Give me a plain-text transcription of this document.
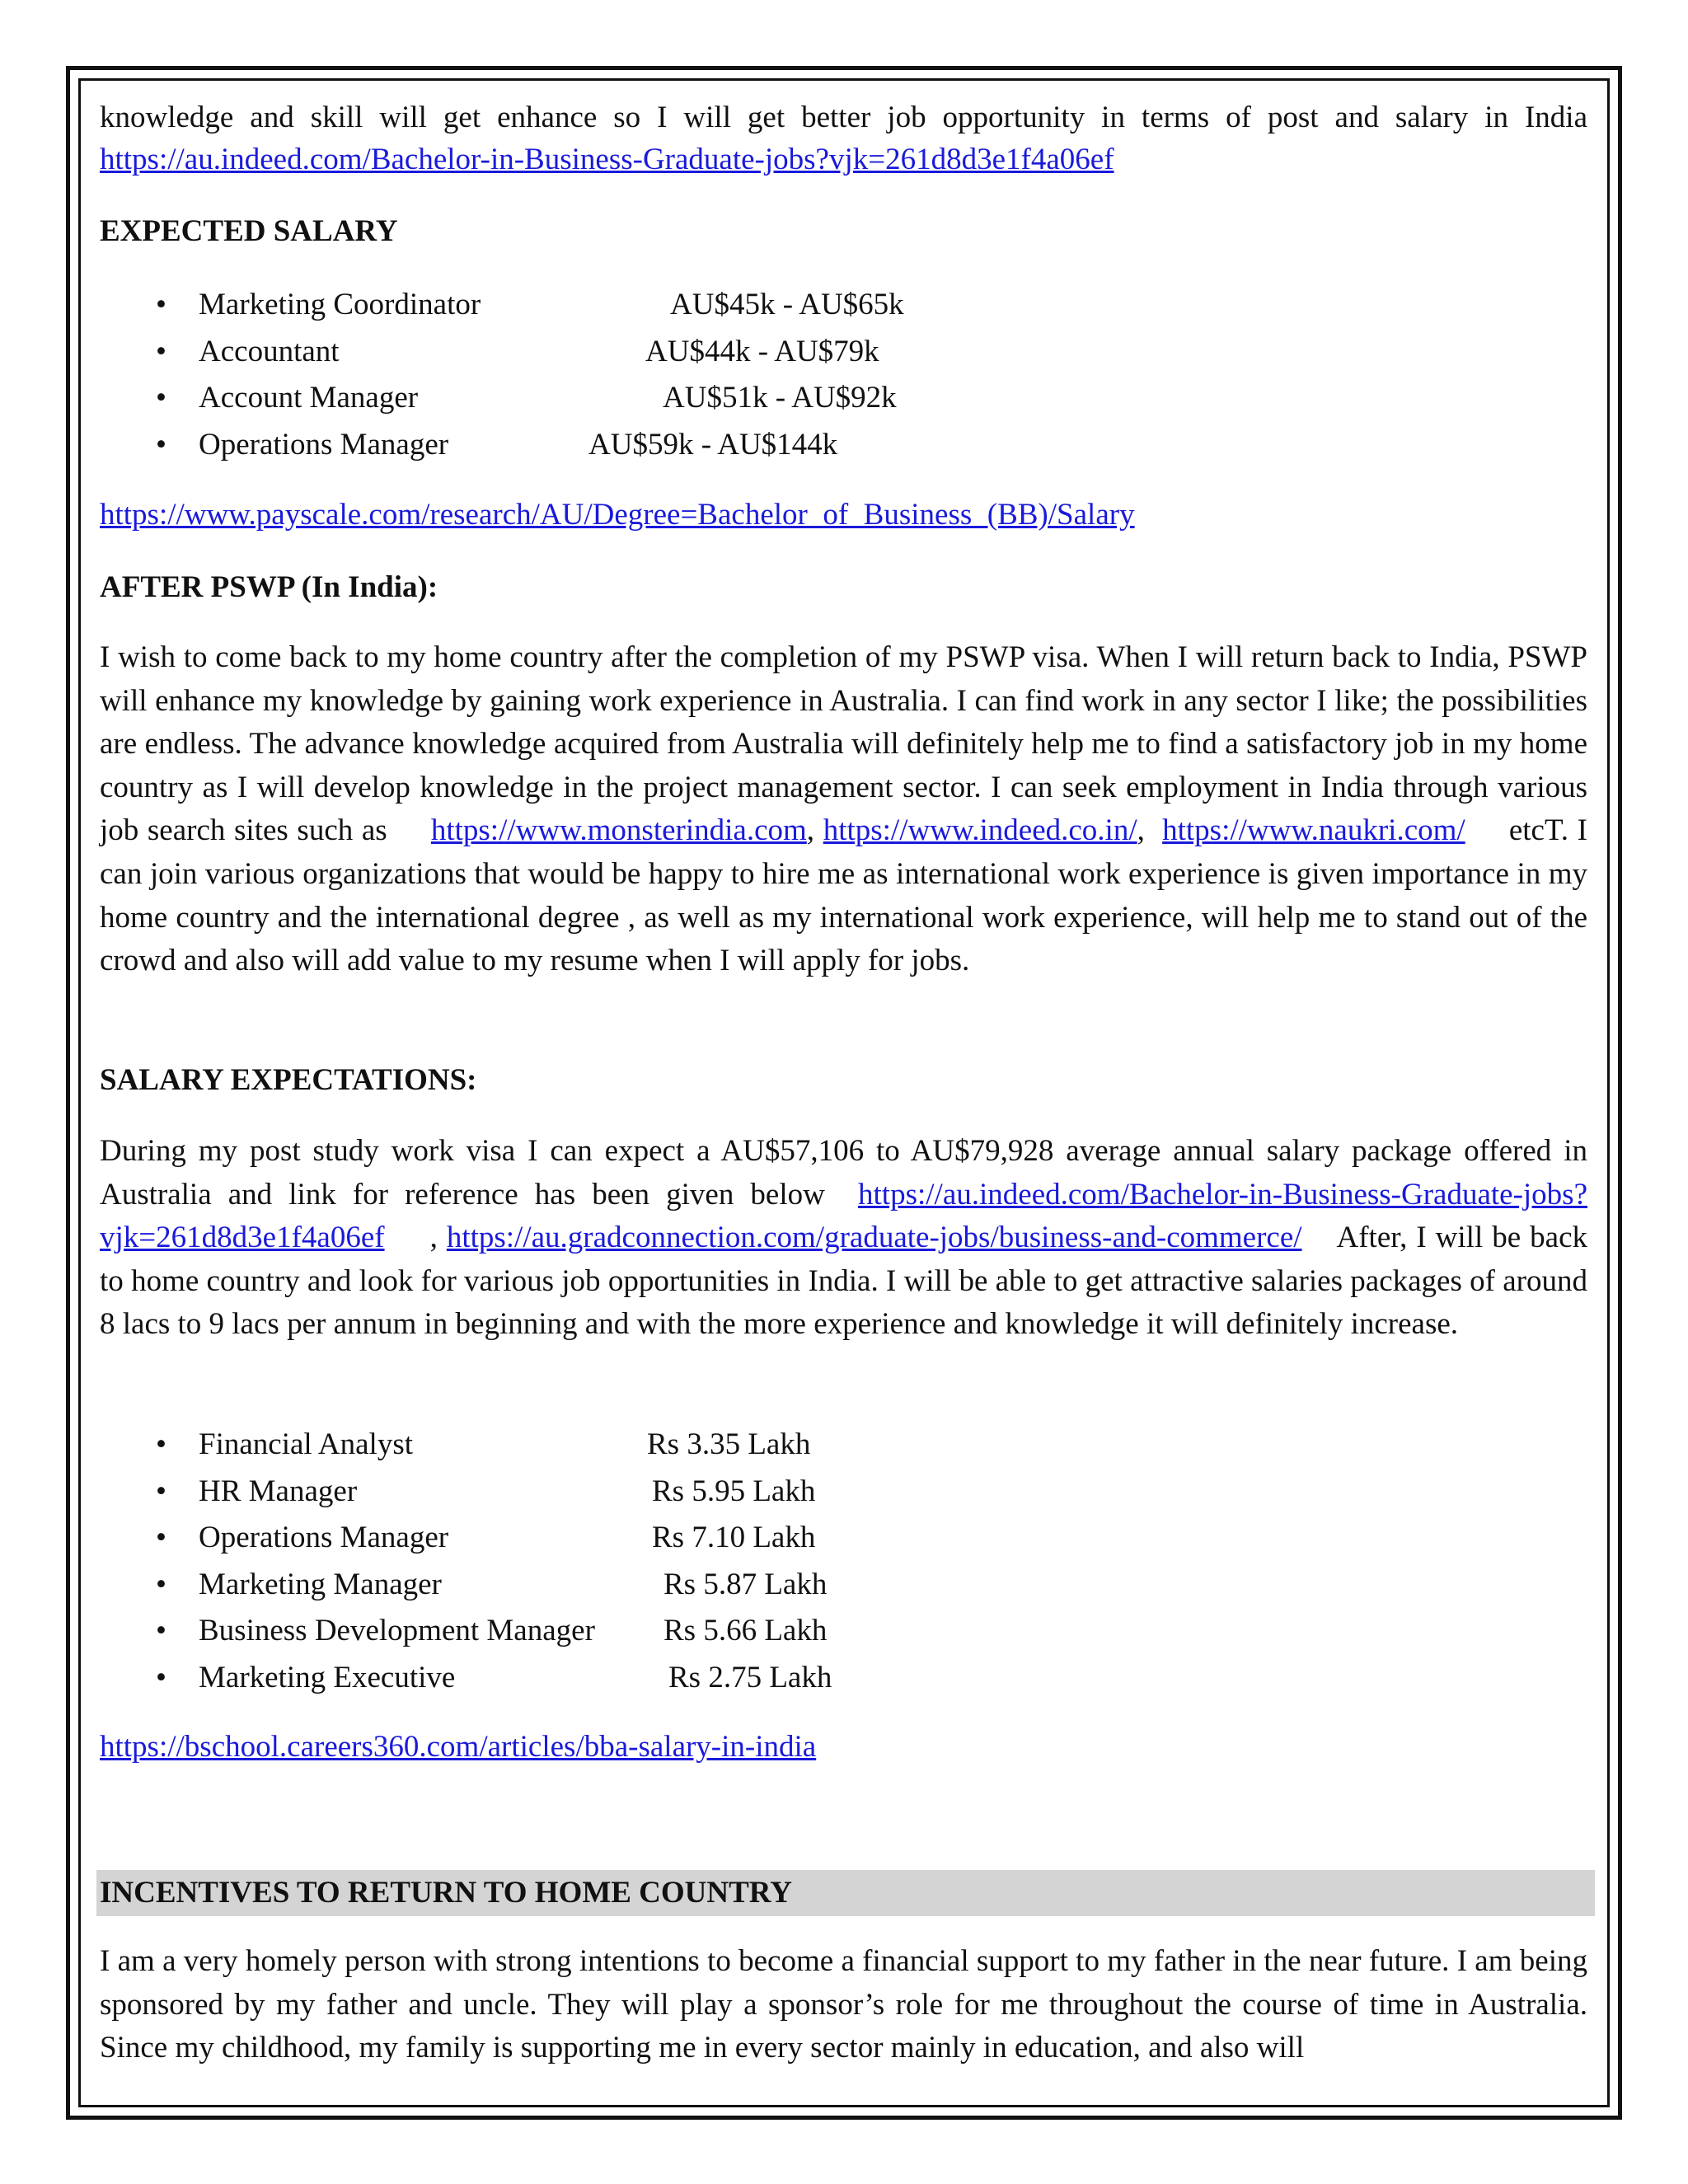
knowledge and skill will get enhance so I will get better job opportunity in terms of post and salary in India

https://au.indeed.com/Bachelor-in-Business-Graduate-jobs?vjk=261d8d3e1f4a06ef

EXPECTED SALARY

• Marketing Coordinator	AU$45k - AU$65k
• Accountant	AU$44k - AU$79k
• Account Manager	AU$51k - AU$92k
• Operations Manager	AU$59k - AU$144k

https://www.payscale.com/research/AU/Degree=Bachelor_of_Business_(BB)/Salary

AFTER PSWP (In India):

I wish to come back to my home country after the completion of my PSWP visa. When I will return back to India, PSWP will enhance my knowledge by gaining work experience in Australia. I can find work in any sector I like; the possibilities are endless. The advance knowledge acquired from Australia will definitely help me to find a satisfactory job in my home country as I will develop knowledge in the project management sector. I can seek employment in India through various job search sites such as https://www.monsterindia.com, https://www.indeed.co.in/,  https://www.naukri.com/ etcT. I can join various organizations that would be happy to hire me as international work experience is given importance in my home country and the international degree , as well as my international work experience, will help me to stand out of the crowd and also will add value to my resume when I will apply for jobs.

SALARY EXPECTATIONS:

During my post study work visa I can expect a AU$57,106 to AU$79,928 average annual salary package offered in Australia and link for reference has been given below https://au.indeed.com/Bachelor-in-Business-Graduate-jobs?vjk=261d8d3e1f4a06ef     , https://au.gradconnection.com/graduate-jobs/business-and-commerce/ After, I will be back to home country and look for various job opportunities in India. I will be able to get attractive salaries packages of around 8 lacs to 9 lacs per annum in beginning and with the more experience and knowledge it will definitely increase.

• Financial Analyst	Rs 3.35 Lakh
• HR Manager	Rs 5.95 Lakh
• Operations Manager	Rs 7.10 Lakh
• Marketing Manager	Rs 5.87 Lakh
• Business Development Manager Rs 5.66 Lakh
• Marketing Executive	Rs 2.75 Lakh

https://bschool.careers360.com/articles/bba-salary-in-india

INCENTIVES TO RETURN TO HOME COUNTRY

I am a very homely person with strong intentions to become a financial support to my father in the near future. I am being sponsored by my father and uncle. They will play a sponsor’s role for me throughout the course of time in Australia. Since my childhood, my family is supporting me in every sector mainly in education, and also will
